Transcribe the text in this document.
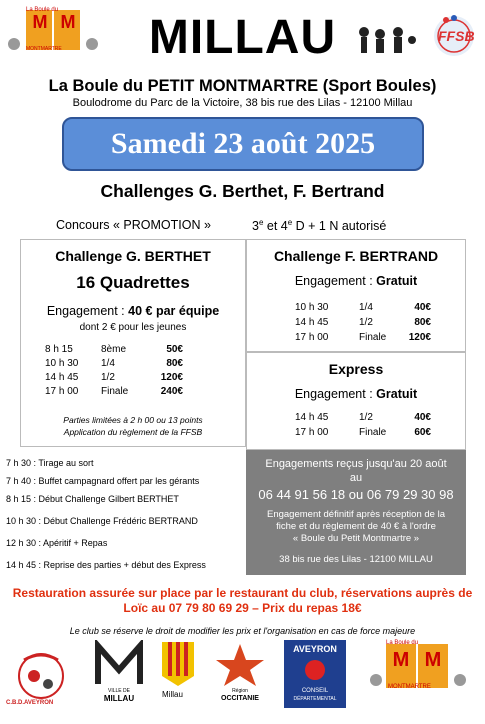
M M
La Boule du
MONTMARTRE	MILLAU	FFSB
La Boule du PETIT MONTMARTRE (Sport Boules)
Boulodrome du Parc de la Victoire, 38 bis rue des Lilas - 12100 Millau
Samedi 23 août 2025
Challenges G. Berthet, F. Bertrand
Concours « PROMOTION »	3e et 4e D + 1 N autorisé
Challenge G. BERTHET
16 Quadrettes
Engagement : 40 € par équipe
dont 2 € pour les jeunes
8 h 15	8ème	50€
10 h 30 1/4	80€
14 h 45 1/2	120€
17 h 00 Finale	240€
Parties limitées à 2 h 00 ou 13 points
Application du règlement de la FFSB
7 h 30 : Tirage au sort
7 h 40 : Buffet campagnard offert par les gérants
8 h 15 : Début Challenge Gilbert BERTHET
10 h 30 : Début Challenge Frédéric BERTRAND
12 h 30 : Apéritif + Repas
14 h 45 : Reprise des parties + début des Express
Challenge F. BERTRAND
Engagement : Gratuit
10 h 30	1/4	40€
14 h 45	1/2	80€
17 h 00	Finale	120€
Express
Engagement : Gratuit
14 h 45	1/2	40€
17 h 00	Finale	60€
Engagements reçus jusqu'au 20 août
au
06 44 91 56 18 ou 06 79 29 30 98
Engagement définitif après réception de la
fiche et du règlement de 40 € à l'ordre
« Boule du Petit Montmartre »
38 bis rue des Lilas - 12100 MILLAU
Restauration assurée sur place par le restaurant du club, réservations auprès de
Loïc au 07 79 80 69 29 – Prix du repas 18€
Le club se réserve le droit de modifier les prix et l'organisation en cas de force majeure
C.B.D.AVEYRON
VILLE DE
MILLAU	Millau	Région
OCCITANIE
AVEYRON
CONSEIL
DÉPARTEMENTAL
M M
La Boule du
MONTMARTRE
